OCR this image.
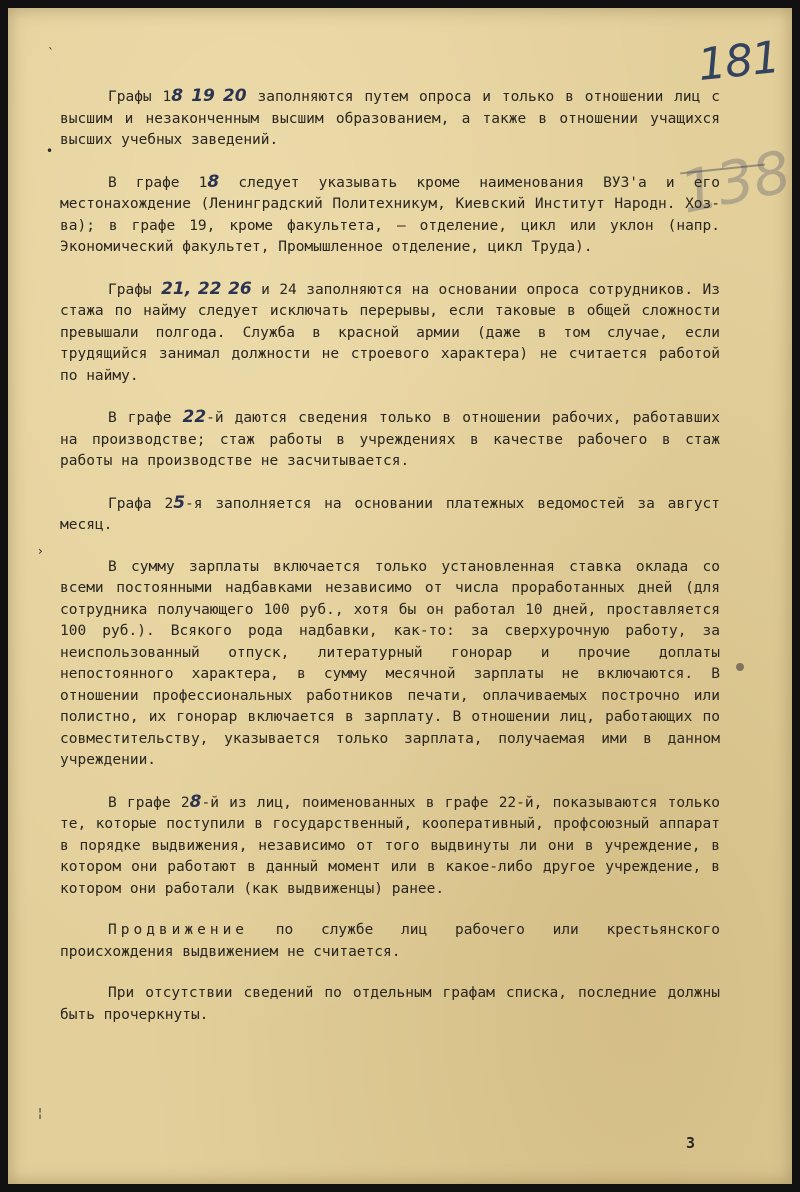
181
138
ˋ
•
›
¦

Графы 18 19 20 заполняются путем опроса и только в отношении лиц с высшим и незаконченным высшим образованием, а также в отношении учащихся высших учебных заведений.

В графе 18 следует указывать кроме наименования ВУЗ'а и его местонахождение (Ленинградский Политехникум, Киевский Институт Народн. Хоз-ва); в графе 19, кроме факультета, — отделение, цикл или уклон (напр. Экономический факультет, Промышленное отделение, цикл Труда).

Графы 21, 22 26 и 24 заполняются на основании опроса сотрудников. Из стажа по найму следует исключать перерывы, если таковые в общей сложности превышали полгода. Служба в красной армии (даже в том случае, если трудящийся занимал должности не строевого характера) не считается работой по найму.

В графе 22-й даются сведения только в отношении рабочих, работавших на производстве; стаж работы в учреждениях в качестве рабочего в стаж работы на производстве не засчитывается.

Графа 25-я заполняется на основании платежных ведомостей за август месяц.

В сумму зарплаты включается только установленная ставка оклада со всеми постоянными надбавками независимо от числа проработанных дней (для сотрудника получающего 100 руб., хотя бы он работал 10 дней, проставляется 100 руб.). Всякого рода надбавки, как-то: за сверхурочную работу, за неиспользованный отпуск, литературный гонорар и прочие доплаты непостоянного характера, в сумму месячной зарплаты не включаются. В отношении профессиональных работников печати, оплачиваемых построчно или полистно, их гонорар включается в зарплату. В отношении лиц, работающих по совместительству, указывается только зарплата, получаемая ими в данном учреждении.

В графе 28-й из лиц, поименованных в графе 22-й, показываются только те, которые поступили в государственный, кооперативный, профсоюзный аппарат в порядке выдвижения, независимо от того выдвинуты ли они в учреждение, в котором они работают в данный момент или в какое-либо другое учреждение, в котором они работали (как выдвиженцы) ранее.

Продвижение по службе лиц рабочего или крестьянского происхождения выдвижением не считается.

При отсутствии сведений по отдельным графам списка, последние должны быть прочеркнуты.

3
